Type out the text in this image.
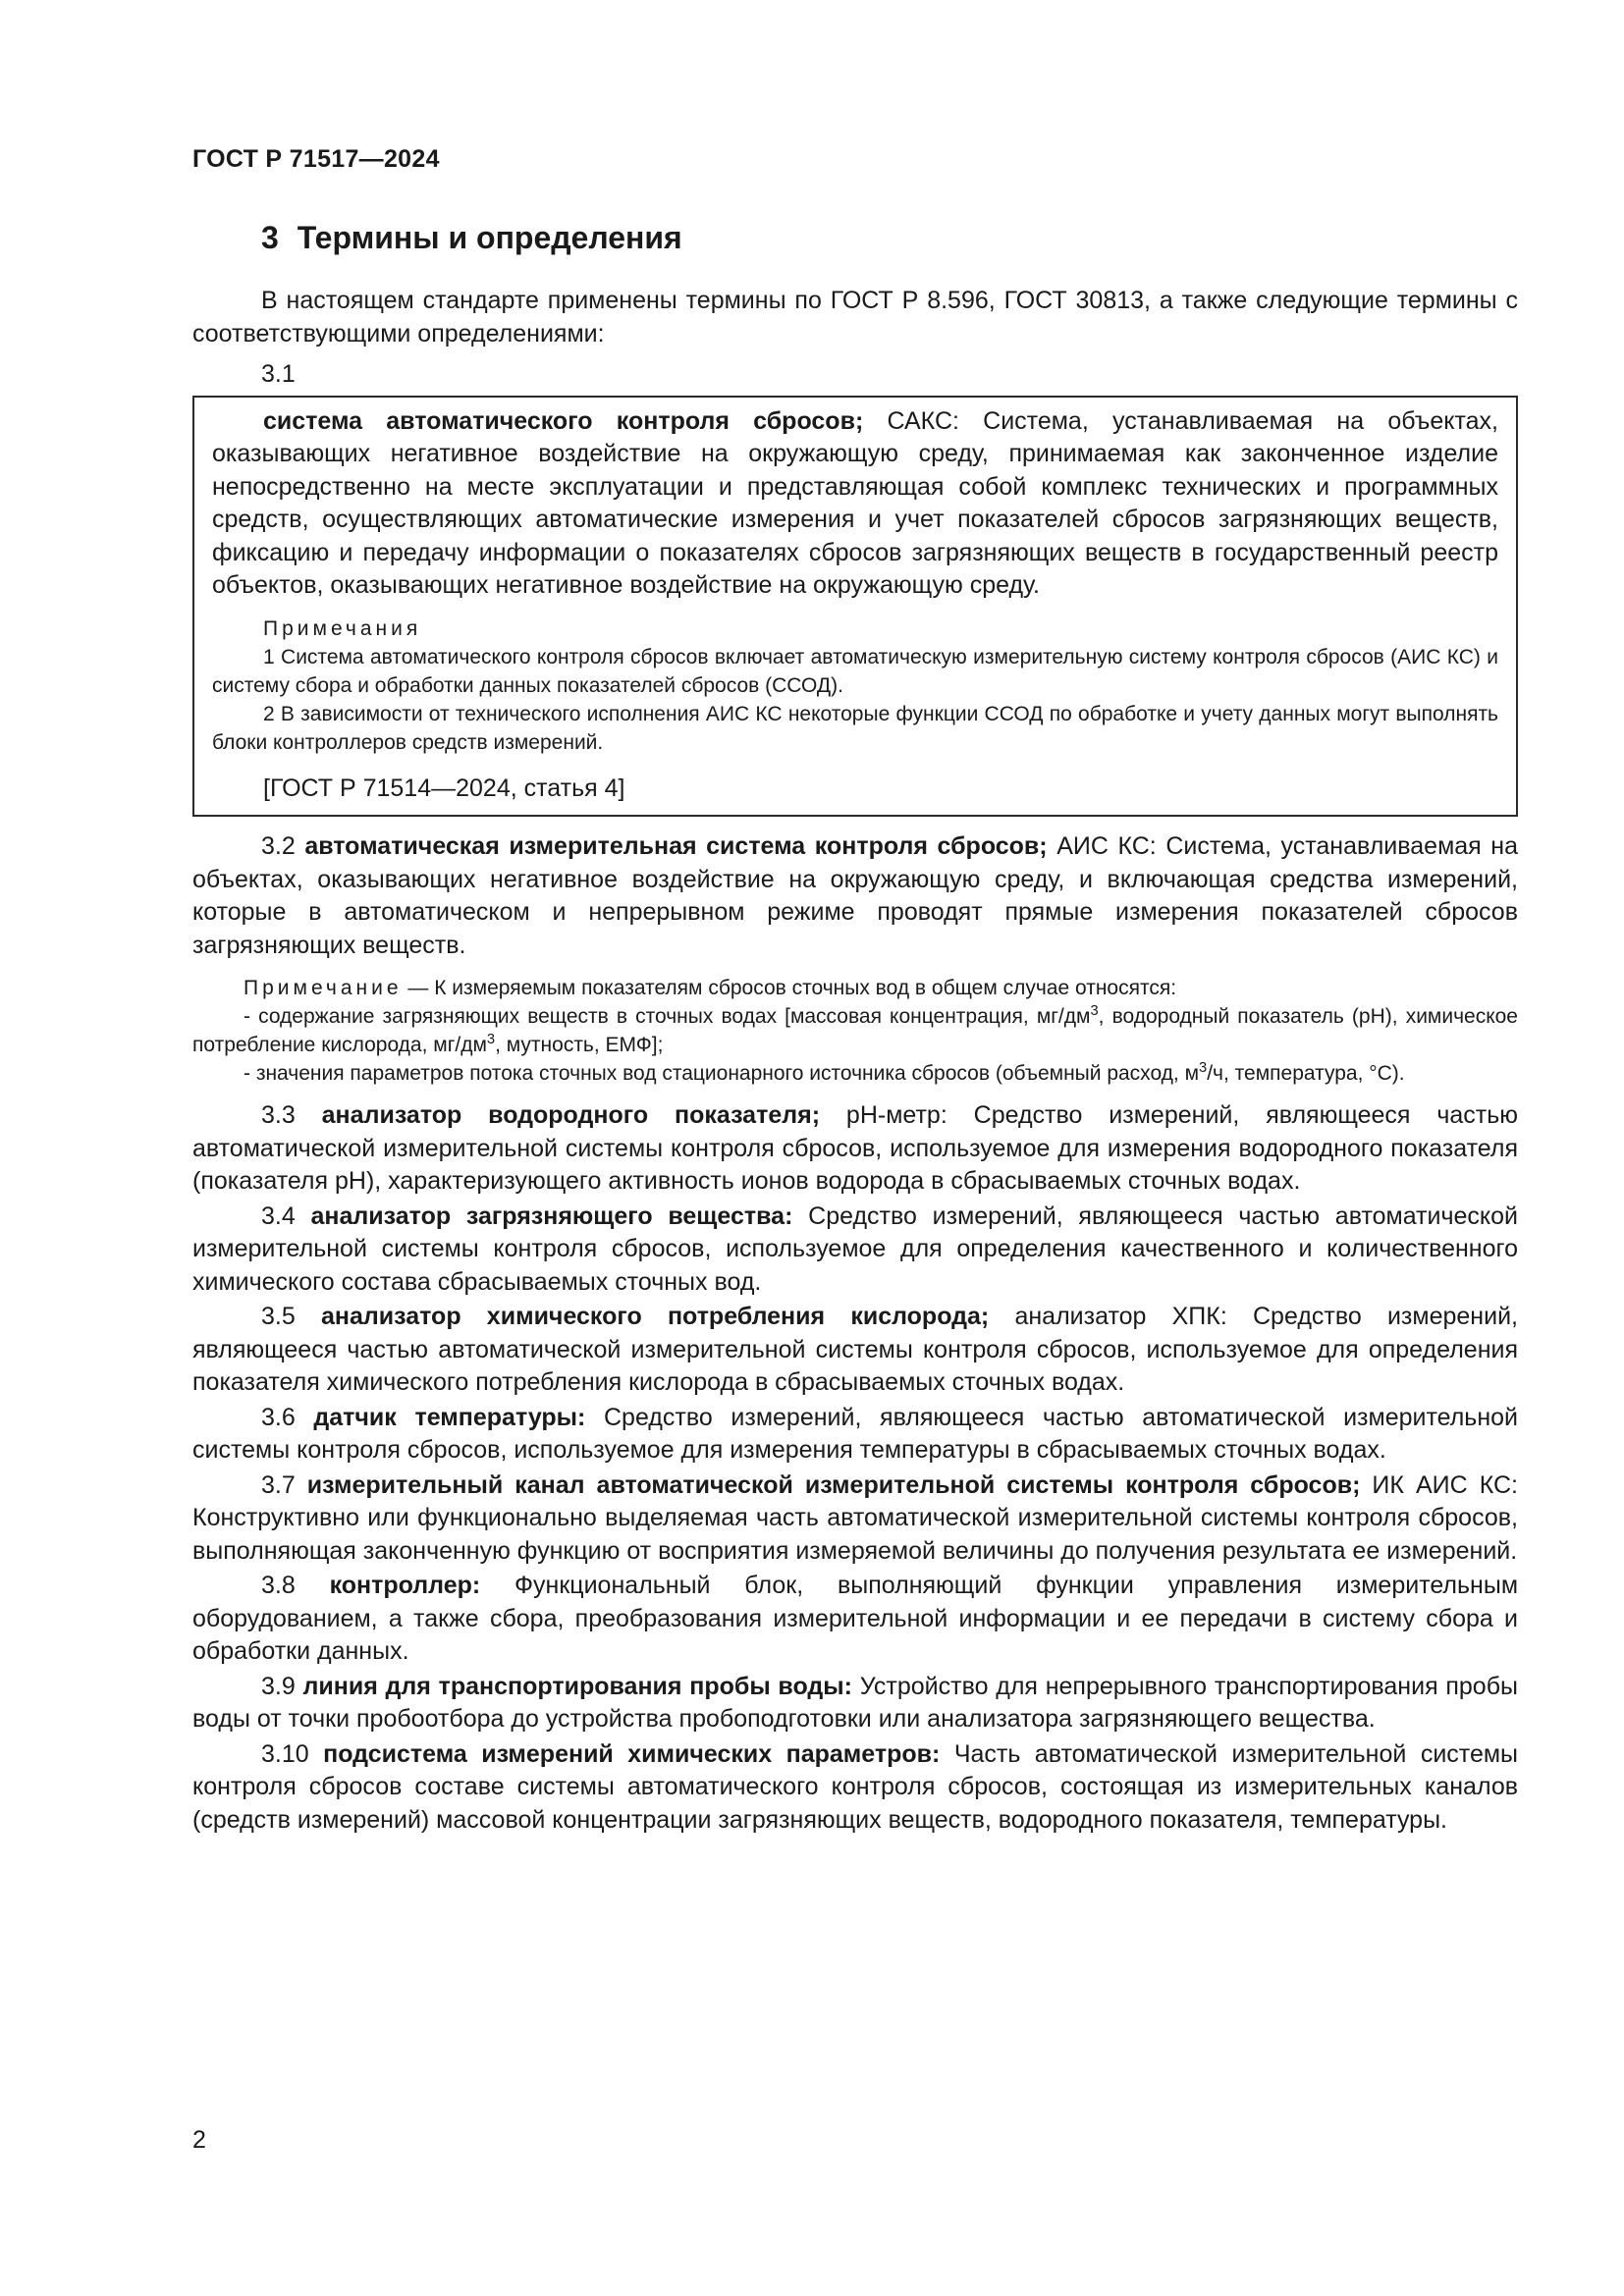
ГОСТ Р 71517—2024
3 Термины и определения

В настоящем стандарте применены термины по ГОСТ Р 8.596, ГОСТ 30813, а также следующие термины с соответствующими определениями:

3.1

система автоматического контроля сбросов; САКС: Система, устанавливаемая на объектах, оказывающих негативное воздействие на окружающую среду, принимаемая как законченное изделие непосредственно на месте эксплуатации и представляющая собой комплекс технических и программных средств, осуществляющих автоматические измерения и учет показателей сбросов загрязняющих веществ, фиксацию и передачу информации о показателях сбросов загрязняющих веществ в государственный реестр объектов, оказывающих негативное воздействие на окружающую среду.

Примечания

1 Система автоматического контроля сбросов включает автоматическую измерительную систему контроля сбросов (АИС КС) и систему сбора и обработки данных показателей сбросов (ССОД).

2 В зависимости от технического исполнения АИС КС некоторые функции ССОД по обработке и учету данных могут выполнять блоки контроллеров средств измерений.

[ГОСТ Р 71514—2024, статья 4]

3.2 автоматическая измерительная система контроля сбросов; АИС КС: Система, устанавливаемая на объектах, оказывающих негативное воздействие на окружающую среду, и включающая средства измерений, которые в автоматическом и непрерывном режиме проводят прямые измерения показателей сбросов загрязняющих веществ.

Примечание — К измеряемым показателям сбросов сточных вод в общем случае относятся:

- содержание загрязняющих веществ в сточных водах [массовая концентрация, $мг/дм^3$, водородный показатель (pH), химическое потребление кислорода, $мг/дм^3$, мутность, ЕМФ];

- значения параметров потока сточных вод стационарного источника сбросов (объемный расход, $м^3/ч$, температура, °С).

3.3 анализатор водородного показателя; pH-метр: Средство измерений, являющееся частью автоматической измерительной системы контроля сбросов, используемое для измерения водородного показателя (показателя pH), характеризующего активность ионов водорода в сбрасываемых сточных водах.

3.4 анализатор загрязняющего вещества: Средство измерений, являющееся частью автоматической измерительной системы контроля сбросов, используемое для определения качественного и количественного химического состава сбрасываемых сточных вод.

3.5 анализатор химического потребления кислорода; анализатор ХПК: Средство измерений, являющееся частью автоматической измерительной системы контроля сбросов, используемое для определения показателя химического потребления кислорода в сбрасываемых сточных водах.

3.6 датчик температуры: Средство измерений, являющееся частью автоматической измерительной системы контроля сбросов, используемое для измерения температуры в сбрасываемых сточных водах.

3.7 измерительный канал автоматической измерительной системы контроля сбросов; ИК АИС КС: Конструктивно или функционально выделяемая часть автоматической измерительной системы контроля сбросов, выполняющая законченную функцию от восприятия измеряемой величины до получения результата ее измерений.

3.8 контроллер: Функциональный блок, выполняющий функции управления измерительным оборудованием, а также сбора, преобразования измерительной информации и ее передачи в систему сбора и обработки данных.

3.9 линия для транспортирования пробы воды: Устройство для непрерывного транспортирования пробы воды от точки пробоотбора до устройства пробоподготовки или анализатора загрязняющего вещества.

3.10 подсистема измерений химических параметров: Часть автоматической измерительной системы контроля сбросов составе системы автоматического контроля сбросов, состоящая из измерительных каналов (средств измерений) массовой концентрации загрязняющих веществ, водородного показателя, температуры.

2
